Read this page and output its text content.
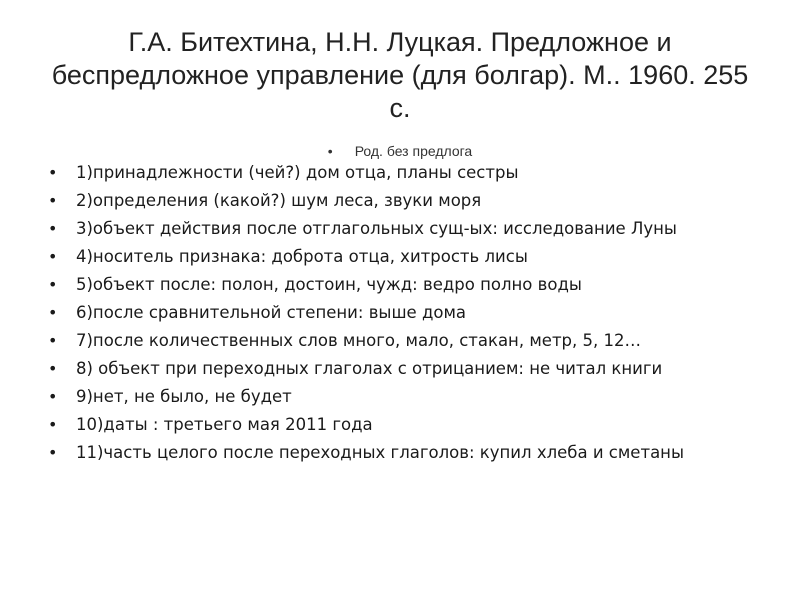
Г.А. Битехтина, Н.Н. Луцкая. Предложное и беспредложное управление (для болгар). М.. 1960. 255 с.
• Род. без предлога
•	1)принадлежности (чей?) дом отца, планы сестры
•	2)определения (какой?) шум леса, звуки моря
•	3)объект действия после отглагольных сущ-ых: исследование Луны
•	4)носитель признака: доброта отца, хитрость лисы
•	5)объект после: полон, достоин, чужд: ведро полно воды
•	6)после сравнительной степени: выше дома
•	7)после количественных слов много, мало, стакан, метр, 5, 12…
•	8) объект при переходных глаголах с отрицанием: не читал книги
•	9)нет, не было, не будет
•	10)даты : третьего мая 2011 года
•	11)часть целого после переходных глаголов: купил хлеба и сметаны
